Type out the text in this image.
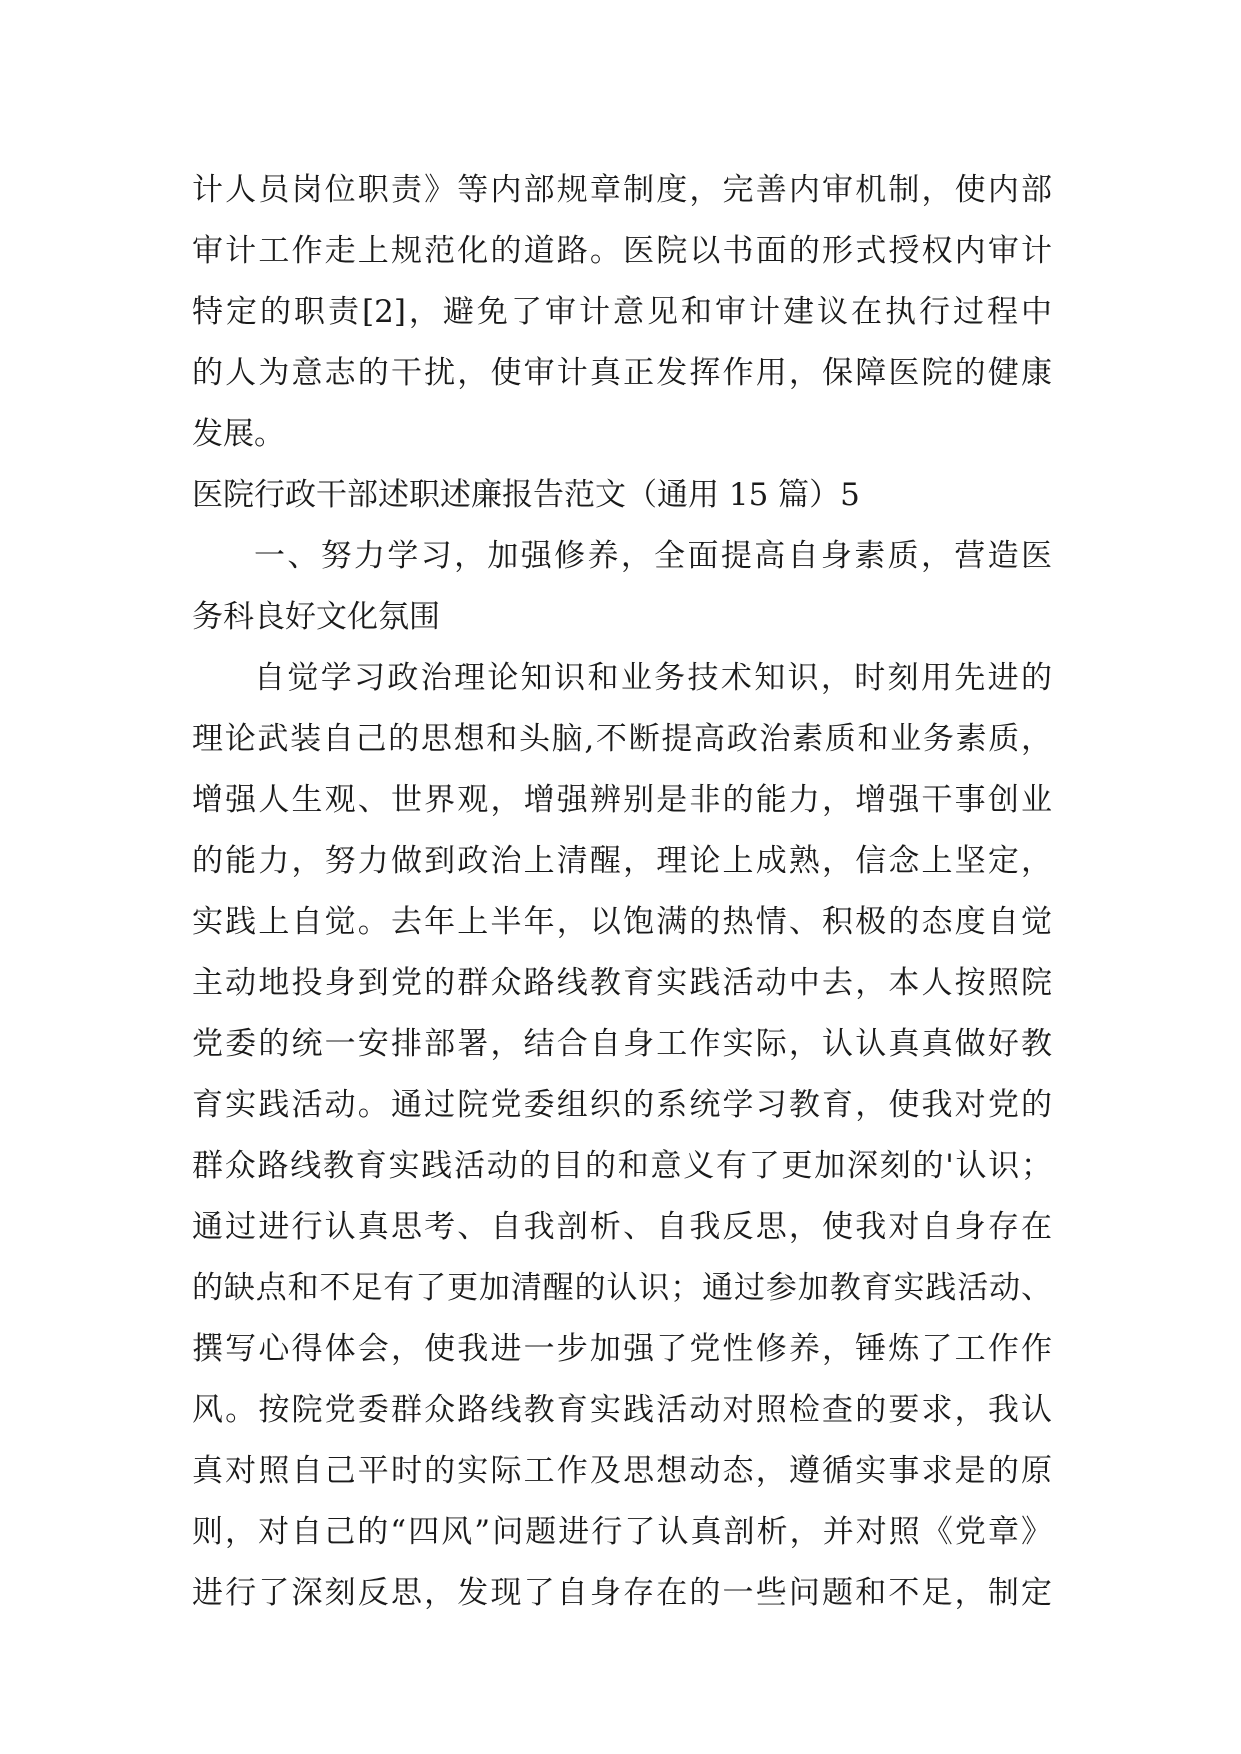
计人员岗位职责》等内部规章制度，完善内审机制，使内部
审计工作走上规范化的道路。医院以书面的形式授权内审计
特定的职责[2]，避免了审计意见和审计建议在执行过程中
的人为意志的干扰，使审计真正发挥作用，保障医院的健康
发展。
医院行政干部述职述廉报告范文（通用 15 篇）5
一、努力学习，加强修养，全面提高自身素质，营造医
务科良好文化氛围
自觉学习政治理论知识和业务技术知识，时刻用先进的
理论武装自己的思想和头脑,不断提高政治素质和业务素质，
增强人生观、世界观，增强辨别是非的能力，增强干事创业
的能力，努力做到政治上清醒，理论上成熟，信念上坚定，
实践上自觉。去年上半年，以饱满的热情、积极的态度自觉
主动地投身到党的群众路线教育实践活动中去，本人按照院
党委的统一安排部署，结合自身工作实际，认认真真做好教
育实践活动。通过院党委组织的系统学习教育，使我对党的
群众路线教育实践活动的目的和意义有了更加深刻的'认识；
通过进行认真思考、自我剖析、自我反思，使我对自身存在
的缺点和不足有了更加清醒的认识；通过参加教育实践活动、
撰写心得体会，使我进一步加强了党性修养，锤炼了工作作
风。按院党委群众路线教育实践活动对照检查的要求，我认
真对照自己平时的实际工作及思想动态，遵循实事求是的原
则，对自己的“四风”问题进行了认真剖析，并对照《党章》
进行了深刻反思，发现了自身存在的一些问题和不足，制定
